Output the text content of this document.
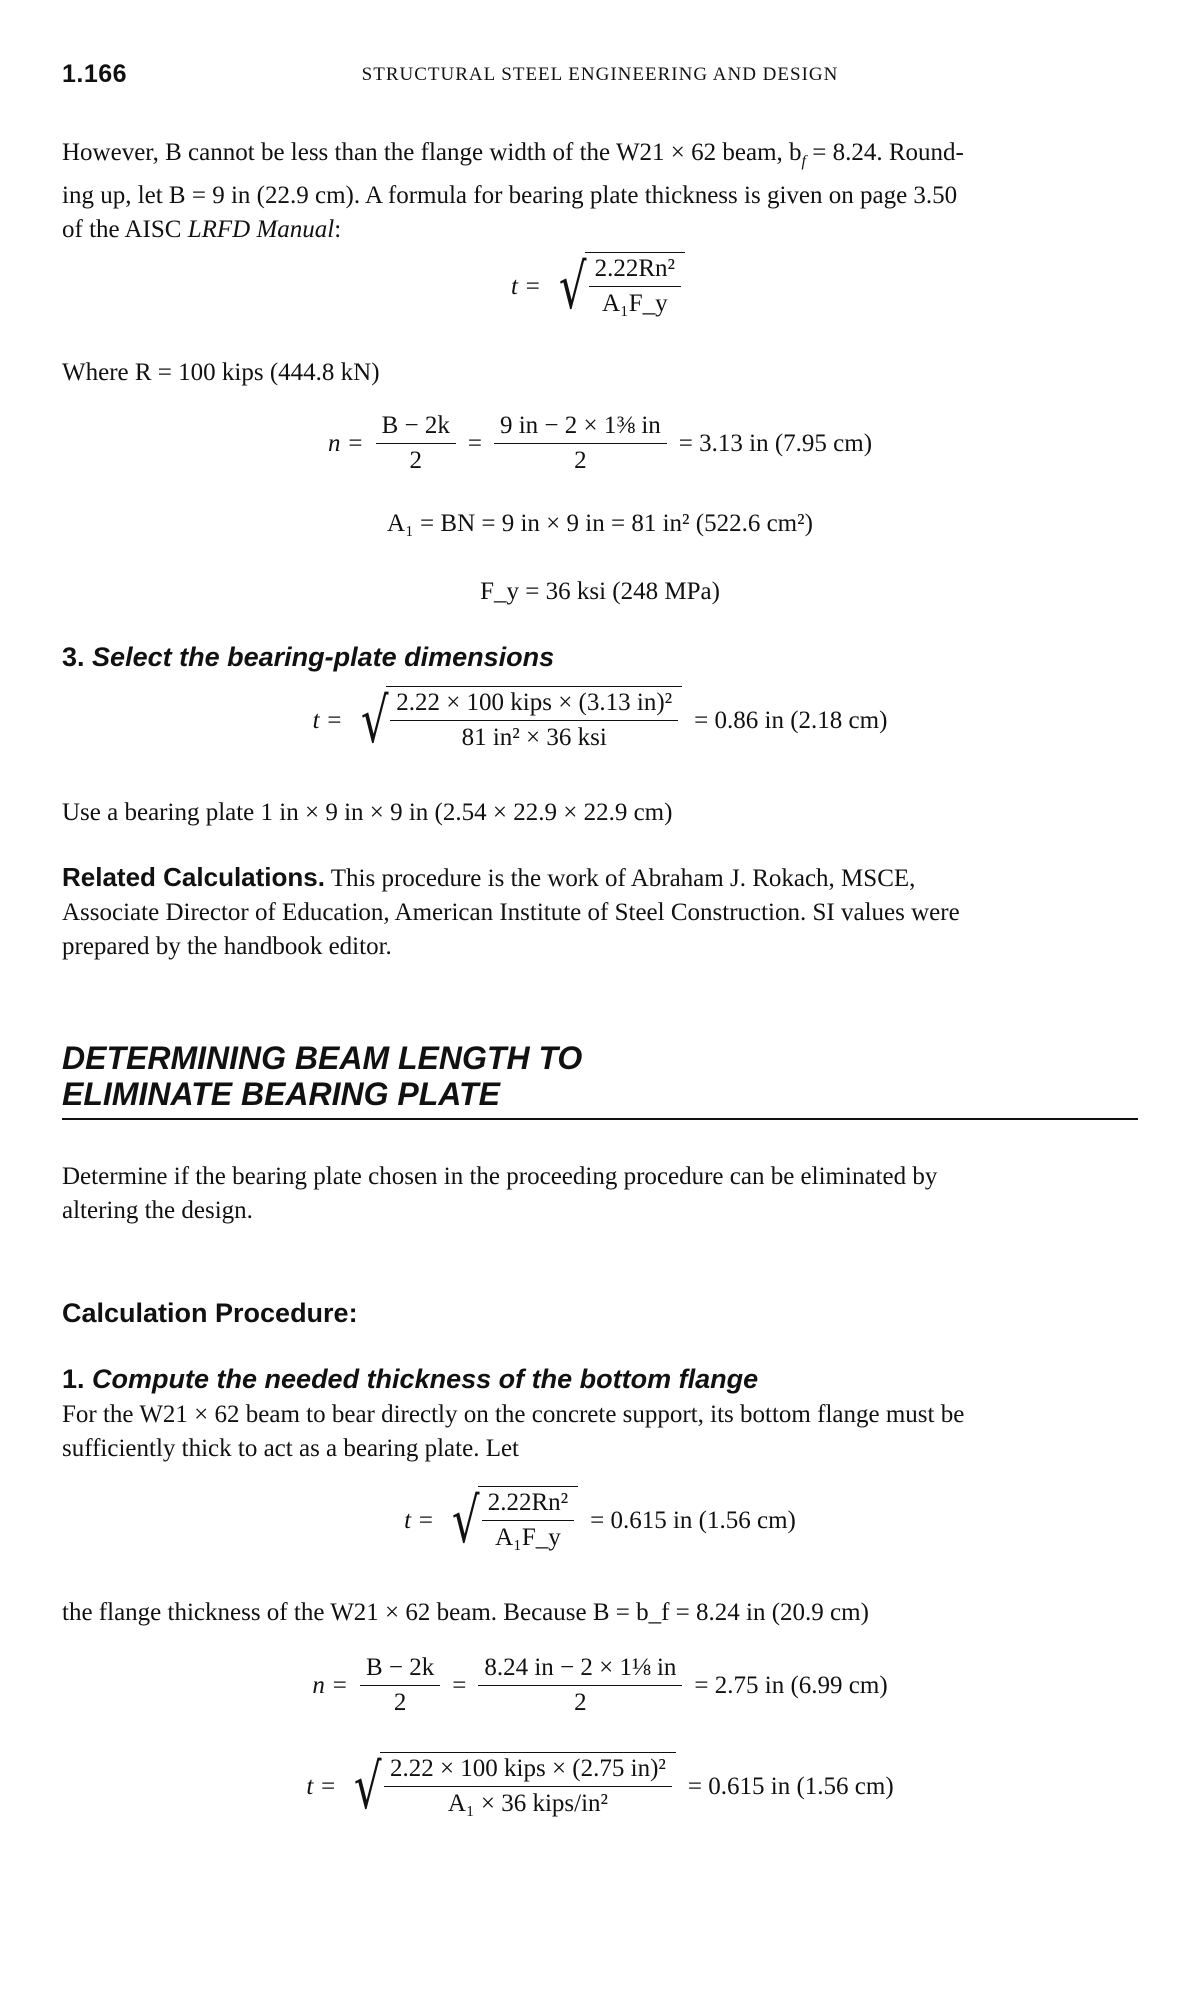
1.166	STRUCTURAL STEEL ENGINEERING AND DESIGN
However, B cannot be less than the flange width of the W21 × 62 beam, $b_f = 8.24$. Round-
ing up, let B = 9 in (22.9 cm). A formula for bearing plate thickness is given on page 3.50
of the AISC LRFD Manual:
t = √ $\frac{\text{2.22Rn²}}{\text{A₁F\_y}}$
Where R = 100 kips (444.8 kN)
$n = \frac{B - 2k}{2} = \frac{\text{9 in − 2 × 1⅜ in}}{2} = 3.13$ in (7.95 cm)
A₁ = BN = 9 in × 9 in = 81 in² (522.6 cm²)
F_y = 36 ksi (248 MPa)
3. Select the bearing-plate dimensions
t = √ $\frac{\text{2.22 × 100 kips × (3.13 in)²}}{\text{81 in² × 36 ksi}} = 0.86$ in (2.18 cm)
Use a bearing plate 1 in × 9 in × 9 in (2.54 × 22.9 × 22.9 cm)
Related Calculations. This procedure is the work of Abraham J. Rokach, MSCE,
Associate Director of Education, American Institute of Steel Construction. SI values were
prepared by the handbook editor.
DETERMINING BEAM LENGTH TO
ELIMINATE BEARING PLATE
Determine if the bearing plate chosen in the proceeding procedure can be eliminated by
altering the design.
Calculation Procedure:
1. Compute the needed thickness of the bottom flange
For the W21 × 62 beam to bear directly on the concrete support, its bottom flange must be
sufficiently thick to act as a bearing plate. Let
t = √ $\frac{\text{2.22Rn²}}{\text{A₁F\_y}} = 0.615$ in (1.56 cm)
the flange thickness of the W21 × 62 beam. Because B = b_f = 8.24 in (20.9 cm)
$n = \frac{B - 2k}{2} = \frac{\text{8.24 in − 2 × 1⅛ in}}{2} = 2.75$ in (6.99 cm)
t = √ $\frac{\text{2.22 × 100 kips × (2.75 in)²}}{\text{A₁ × 36 kips/in²}} = 0.615$ in (1.56 cm)
